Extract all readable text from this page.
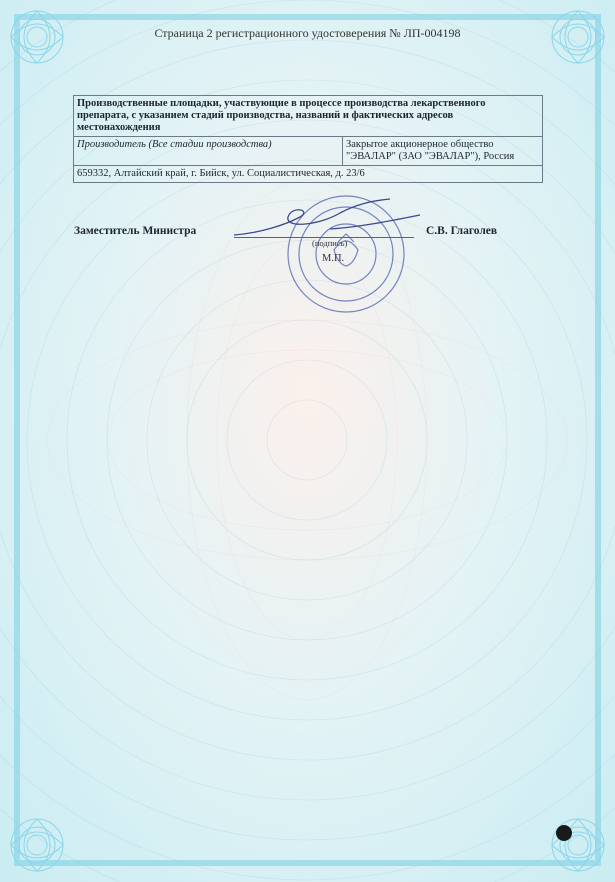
Страница 2 регистрационного удостоверения № ЛП-004198
Производственные площадки, участвующие в процессе производства лекарственного препарата, с указанием стадий производства, названий и фактических адресов местонахождения
Производитель (Все стадии производства)	Закрытое акционерное общество "ЭВАЛАР" (ЗАО "ЭВАЛАР"), Россия
659332, Алтайский край, г. Бийск, ул. Социалистическая, д. 23/6
Заместитель Министра	С.В. Глаголев
(подпись)
М.П.
